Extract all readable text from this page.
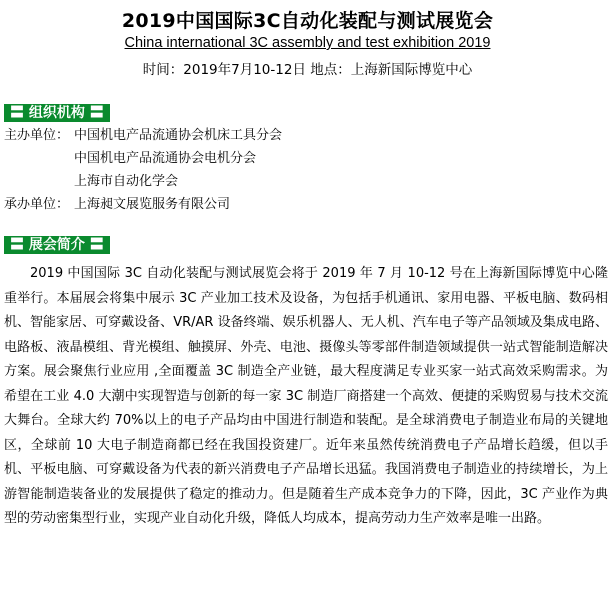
2019中国国际3C自动化装配与测试展览会
China international 3C assembly and test exhibition 2019
时间：2019年7月10-12日 地点：上海新国际博览中心
〓 组织机构 〓
主办单位： 中国机电产品流通协会机床工具分会
中国机电产品流通协会电机分会
上海市自动化学会
承办单位： 上海昶文展览服务有限公司
〓 展会简介 〓
2019 中国国际 3C 自动化装配与测试展览会将于 2019 年 7 月 10-12 号在上海新国际博览中心隆重举行。本届展会将集中展示 3C 产业加工技术及设备，为包括手机通讯、家用电器、平板电脑、数码相机、智能家居、可穿戴设备、VR/AR 设备终端、娱乐机器人、无人机、汽车电子等产品领域及集成电路、电路板、液晶模组、背光模组、触摸屏、外壳、电池、摄像头等零部件制造领域提供一站式智能制造解决方案。展会聚焦行业应用 ,全面覆盖 3C 制造全产业链，最大程度满足专业买家一站式高效采购需求。为希望在工业 4.0 大潮中实现智造与创新的每一家 3C 制造厂商搭建一个高效、便捷的采购贸易与技术交流大舞台。全球大约 70%以上的电子产品均由中国进行制造和装配。是全球消费电子制造业布局的关键地区，全球前 10 大电子制造商都已经在我国投资建厂。近年来虽然传统消费电子产品增长趋缓，但以手机、平板电脑、可穿戴设备为代表的新兴消费电子产品增长迅猛。我国消费电子制造业的持续增长，为上游智能制造装备业的发展提供了稳定的推动力。但是随着生产成本竞争力的下降，因此，3C 产业作为典型的劳动密集型行业，实现产业自动化升级，降低人均成本，提高劳动力生产效率是唯一出路。
